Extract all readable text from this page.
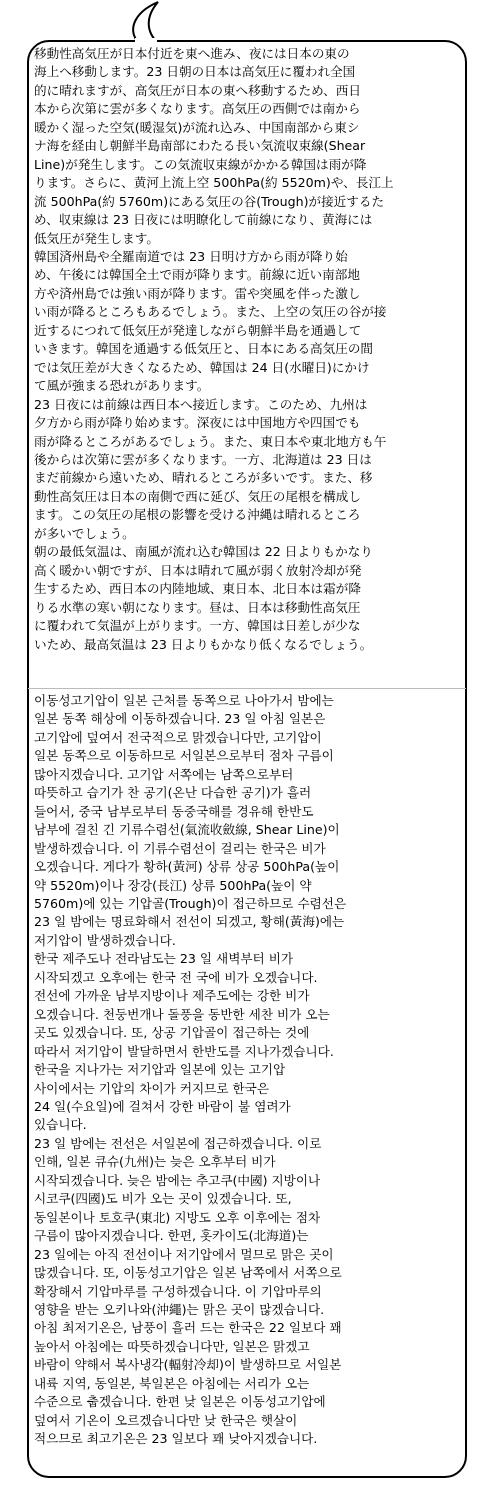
移動性高気圧が日本付近を東へ進み、夜には日本の東の
海上へ移動します。23 日朝の日本は高気圧に覆われ全国
的に晴れますが、高気圧が日本の東へ移動するため、西日
本から次第に雲が多くなります。高気圧の西側では南から
暖かく湿った空気(暖湿気)が流れ込み、中国南部から東シ
ナ海を経由し朝鮮半島南部にわたる長い気流収束線(Shear
Line)が発生します。この気流収束線がかかる韓国は雨が降
ります。さらに、黄河上流上空 500hPa(約 5520m)や、長江上
流 500hPa(約 5760m)にある気圧の谷(Trough)が接近するた
め、収束線は 23 日夜には明瞭化して前線になり、黄海には
低気圧が発生します。
韓国済州島や全羅南道では 23 日明け方から雨が降り始
め、午後には韓国全土で雨が降ります。前線に近い南部地
方や済州島では強い雨が降ります。雷や突風を伴った激し
い雨が降るところもあるでしょう。また、上空の気圧の谷が接
近するにつれて低気圧が発達しながら朝鮮半島を通過して
いきます。韓国を通過する低気圧と、日本にある高気圧の間
では気圧差が大きくなるため、韓国は 24 日(水曜日)にかけ
て風が強まる恐れがあります。
23 日夜には前線は西日本へ接近します。このため、九州は
夕方から雨が降り始めます。深夜には中国地方や四国でも
雨が降るところがあるでしょう。また、東日本や東北地方も午
後からは次第に雲が多くなります。一方、北海道は 23 日は
まだ前線から遠いため、晴れるところが多いです。また、移
動性高気圧は日本の南側で西に延び、気圧の尾根を構成し
ます。この気圧の尾根の影響を受ける沖縄は晴れるところ
が多いでしょう。
朝の最低気温は、南風が流れ込む韓国は 22 日よりもかなり
高く暖かい朝ですが、日本は晴れて風が弱く放射冷却が発
生するため、西日本の内陸地域、東日本、北日本は霜が降
りる水準の寒い朝になります。昼は、日本は移動性高気圧
に覆われて気温が上がります。一方、韓国は日差しが少な
いため、最高気温は 23 日よりもかなり低くなるでしょう。
이동성고기압이 일본 근처를 동쪽으로 나아가서 밤에는
일본 동쪽 해상에 이동하겠습니다. 23 일 아침 일본은
고기압에 덮여서 전국적으로 맑겠습니다만, 고기압이
일본 동쪽으로 이동하므로 서일본으로부터 점차 구름이
많아지겠습니다. 고기압 서쪽에는 남쪽으로부터
따뜻하고 습기가 찬 공기(온난 다습한 공기)가 흘러
들어서, 중국 남부로부터 동중국해를 경유해 한반도
남부에 걸친 긴 기류수렴선(氣流收斂線, Shear Line)이
발생하겠습니다. 이 기류수렴선이 걸리는 한국은 비가
오겠습니다. 게다가 황하(黃河) 상류 상공 500hPa(높이
약 5520m)이나 장강(長江) 상류 500hPa(높이 약
5760m)에 있는 기압골(Trough)이 접근하므로 수렴선은
23 일 밤에는 명료화해서 전선이 되겠고, 황해(黃海)에는
저기압이 발생하겠습니다.
한국 제주도나 전라남도는 23 일 새벽부터 비가
시작되겠고 오후에는 한국 전 국에 비가 오겠습니다.
전선에 가까운 남부지방이나 제주도에는 강한 비가
오겠습니다. 천둥번개나 돌풍을 동반한 세찬 비가 오는
곳도 있겠습니다. 또, 상공 기압골이 접근하는 것에
따라서 저기압이 발달하면서 한반도를 지나가겠습니다.
한국을 지나가는 저기압과 일본에 있는 고기압
사이에서는 기압의 차이가 커지므로 한국은
24 일(수요일)에 걸쳐서 강한 바람이 불 염려가
있습니다.
23 일 밤에는 전선은 서일본에 접근하겠습니다. 이로
인해, 일본 큐슈(九州)는 늦은 오후부터 비가
시작되겠습니다. 늦은 밤에는 추고쿠(中國) 지방이나
시코쿠(四國)도 비가 오는 곳이 있겠습니다. 또,
동일본이나 토호쿠(東北) 지방도 오후 이후에는 점차
구름이 많아지겠습니다. 한편, 홋카이도(北海道)는
23 일에는 아직 전선이나 저기압에서 멀므로 맑은 곳이
많겠습니다. 또, 이동성고기압은 일본 남쪽에서 서쪽으로
확장해서 기압마루를 구성하겠습니다. 이 기압마루의
영향을 받는 오키나와(沖繩)는 맑은 곳이 많겠습니다.
아침 최저기온은, 남풍이 흘러 드는 한국은 22 일보다 꽤
높아서 아침에는 따뜻하겠습니다만, 일본은 맑겠고
바람이 약해서 복사냉각(輻射冷却)이 발생하므로 서일본
내륙 지역, 동일본, 북일본은 아침에는 서리가 오는
수준으로 춥겠습니다. 한편 낮 일본은 이동성고기압에
덮여서 기온이 오르겠습니다만 낮 한국은 햇살이
적으므로 최고기온은 23 일보다 꽤 낮아지겠습니다.
